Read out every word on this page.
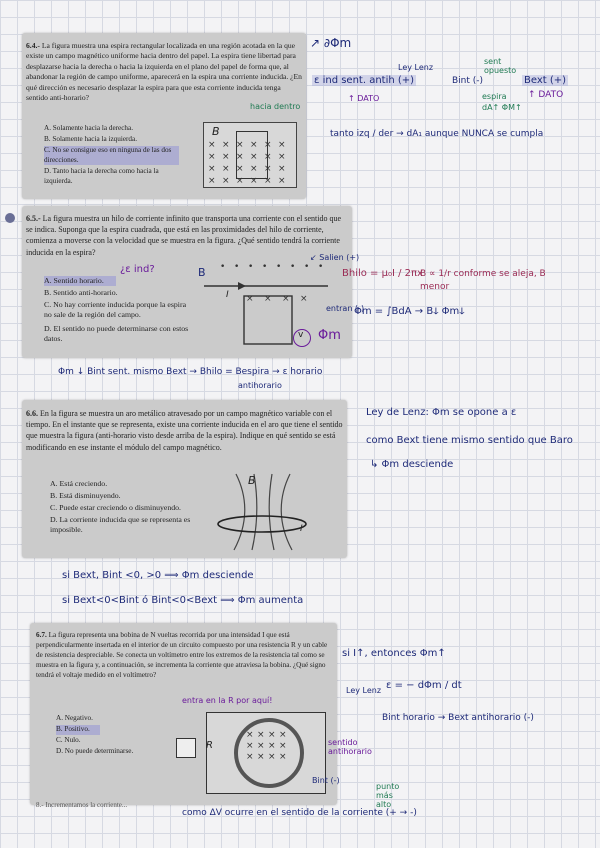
6.4.- La figura muestra una espira rectangular localizada en una región acotada en la que existe un campo magnético uniforme hacia dentro del papel. La espira tiene libertad para desplazarse hacia la derecha o hacia la izquierda en el plano del papel de forma que, al abandonar la región de campo uniforme, aparecerá en la espira una corriente inducida. ¿En qué dirección es necesario desplazar la espira para que esta corriente inducida tenga sentido anti-horario?
A. Solamente hacia la derecha.
B. Solamente hacia la izquierda.
C. No se consigue eso en ninguna de las dos direcciones.
D. Tanto hacia la derecha como hacia la izquierda.
B
× × × × × ×
× × × × × ×
× × × × × ×
× × × × × ×
↗ ∂Φm
ε ind sent. antih (+)
Ley Lenz
Bint (-)	Bext (+)
sent opuesto
↑ DATO	↑ DATO
espira
dA↑ ΦM↑
hacia dentro
tanto izq / der → dA₁ aunque NUNCA se cumpla
6.5.- La figura muestra un hilo de corriente infinito que transporta una corriente con el sentido que se indica. Suponga que la espira cuadrada, que está en las proximidades del hilo de corriente, comienza a moverse con la velocidad que se muestra en la figura. ¿Qué sentido tendrá la corriente inducida en la espira?
A. Sentido horario.
B. Sentido anti-horario.
C. No hay corriente inducida porque la espira no sale de la región del campo.
D. El sentido no puede determinarse con estos datos.
• • • • • • • •
× × × ×
¿ε ind?	B
↙ Salien (+)
I
entran (-)
v Φm
Bhilo = μ₀I / 2πx
B ∝ 1/r conforme se aleja, B menor
Φm = ∫BdA → Bↆ Φmↆ
Φm ↓ Bint sent. mismo Bext → Bhilo = Bespira → ε horario
antihorario
6.6. En la figura se muestra un aro metálico atravesado por un campo magnético variable con el tiempo. En el instante que se representa, existe una corriente inducida en el aro que tiene el sentido que muestra la figura (anti-horario visto desde arriba de la espira). Indique en qué sentido se está modificando en ese instante el módulo del campo magnético.
A. Está creciendo.
B. Está disminuyendo.
C. Puede estar creciendo o disminuyendo.
D. La corriente inducida que se representa es imposible.
B
I
Ley de Lenz: Φm se opone a ε
como Bext tiene mismo sentido que Baro
↳ Φm desciende
si Bext, Bint <0, >0 ⟹ Φm desciende
si Bext<0<Bint ó Bint<0<Bext ⟹ Φm aumenta
6.7. La figura representa una bobina de N vueltas recorrida por una intensidad I que está perpendicularmente insertada en el interior de un circuito compuesto por una resistencia R y un cable de resistencia despreciable. Se conecta un voltímetro entre los extremos de la resistencia tal como se muestra en la figura y, a continuación, se incrementa la corriente que atraviesa la bobina. ¿Qué signo tendrá el voltaje medido en el voltímetro?
A. Negativo.
B. Positivo.
C. Nulo.
D. No puede determinarse.
× × × ×
× × × ×
× × × ×
R
si I↑, entonces Φm↑
Ley Lenz ε = − dΦm / dt
Bint horario → Bext antihorario (-)
entra en la R por aquí!
sentido antihorario
Bint (-)
punto más alto
como ΔV ocurre en el sentido de la corriente (+ → -)
8.- Incrementamos la corriente...
